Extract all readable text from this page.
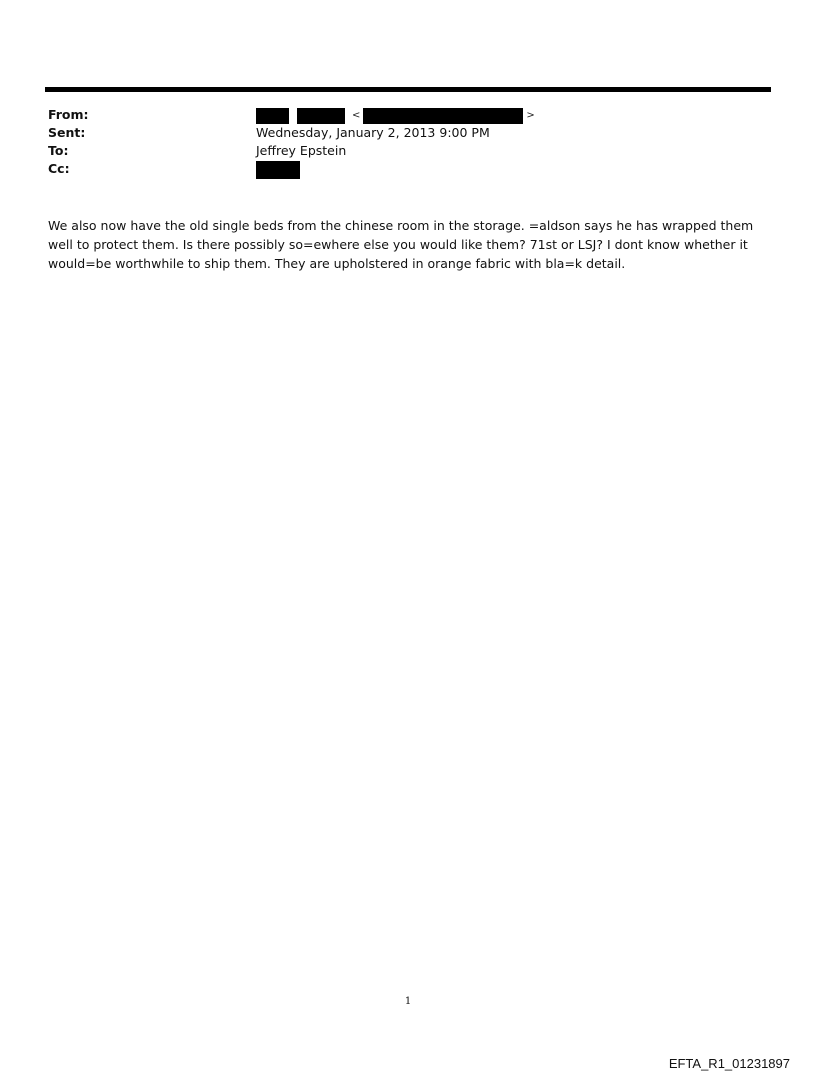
From:	<	>
Sent:	Wednesday, January 2, 2013 9:00 PM
To:	Jeffrey Epstein
Cc:
We also now have the old single beds from the chinese room in the storage. =aldson says he has wrapped them well to protect them. Is there possibly so=ewhere else you would like them? 71st or LSJ? I dont know whether it would=be worthwhile to ship them. They are upholstered in orange fabric with bla=k detail.
1
EFTA_R1_01231897
